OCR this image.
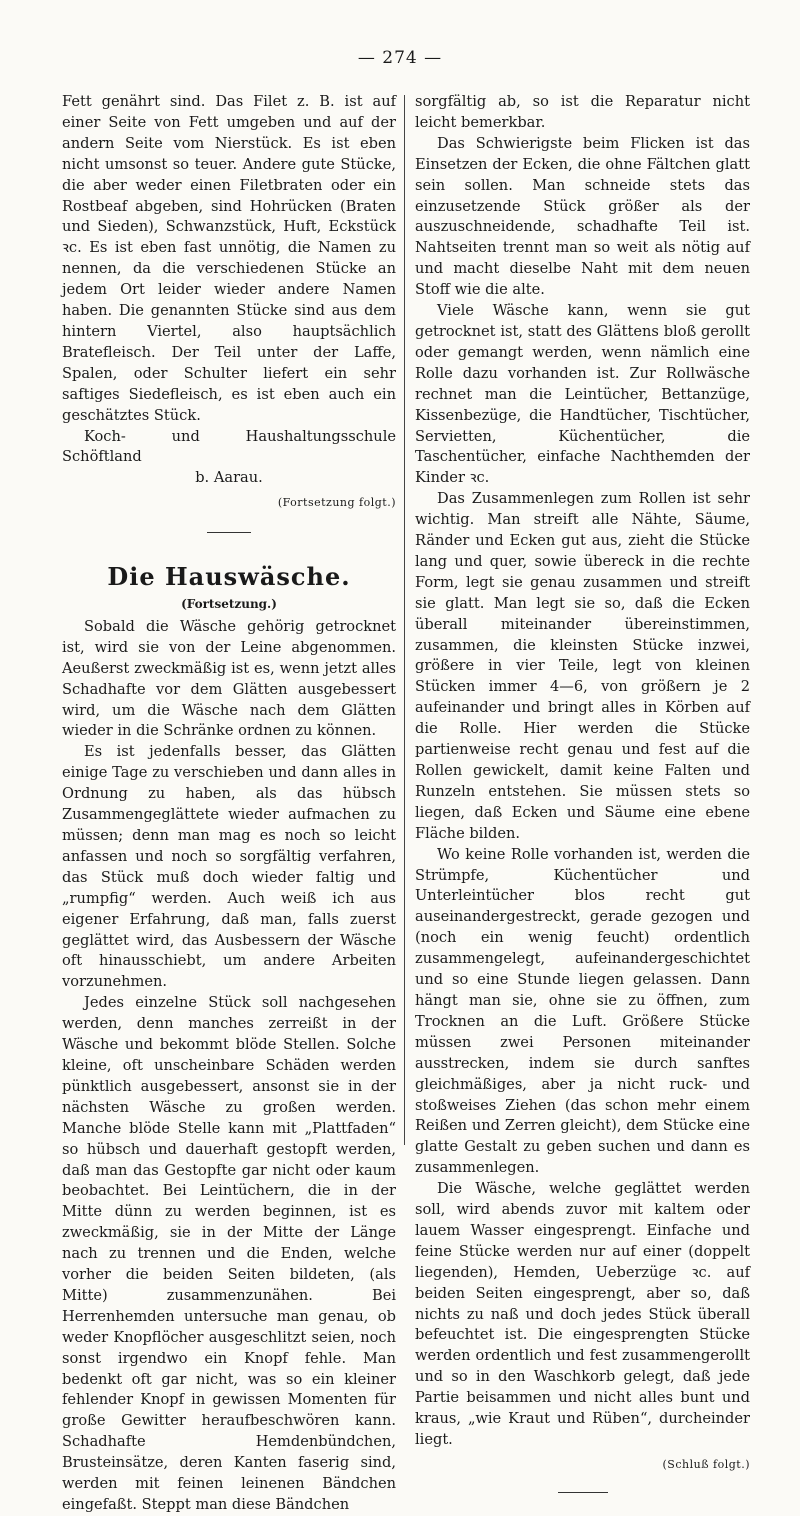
— 274 —

Fett genährt sind. Das Filet z. B. ist auf einer Seite von Fett umgeben und auf der andern Seite vom Nierstück. Es ist eben nicht umsonst so teuer. Andere gute Stücke, die aber weder einen Filetbraten oder ein Rostbeaf abgeben, sind Hohrücken (Braten und Sieden), Schwanzstück, Huft, Eckstück ꝛc. Es ist eben fast unnötig, die Namen zu nennen, da die verschiedenen Stücke an jedem Ort leider wieder andere Namen haben. Die genannten Stücke sind aus dem hintern Viertel, also hauptsächlich Bratefleisch. Der Teil unter der Laffe, Spalen, oder Schulter liefert ein sehr saftiges Siedefleisch, es ist eben auch ein geschätztes Stück.

Koch- und Haushaltungsschule Schöftland

b. Aarau.

(Fortsetzung folgt.)
Die Hauswäsche.
(Fortsetzung.)

Sobald die Wäsche gehörig getrocknet ist, wird sie von der Leine abgenommen. Aeußerst zweckmäßig ist es, wenn jetzt alles Schadhafte vor dem Glätten ausgebessert wird, um die Wäsche nach dem Glätten wieder in die Schränke ordnen zu können.

Es ist jedenfalls besser, das Glätten einige Tage zu verschieben und dann alles in Ordnung zu haben, als das hübsch Zusammengeglättete wieder aufmachen zu müssen; denn man mag es noch so leicht anfassen und noch so sorgfältig verfahren, das Stück muß doch wieder faltig und „rumpfig“ werden. Auch weiß ich aus eigener Erfahrung, daß man, falls zuerst geglättet wird, das Ausbessern der Wäsche oft hinausschiebt, um andere Arbeiten vorzunehmen.

Jedes einzelne Stück soll nachgesehen werden, denn manches zerreißt in der Wäsche und bekommt blöde Stellen. Solche kleine, oft unscheinbare Schäden werden pünktlich ausgebessert, ansonst sie in der nächsten Wäsche zu großen werden. Manche blöde Stelle kann mit „Plattfaden“ so hübsch und dauerhaft gestopft werden, daß man das Gestopfte gar nicht oder kaum beobachtet. Bei Leintüchern, die in der Mitte dünn zu werden beginnen, ist es zweckmäßig, sie in der Mitte der Länge nach zu trennen und die Enden, welche vorher die beiden Seiten bildeten, (als Mitte) zusammenzunähen. Bei Herrenhemden untersuche man genau, ob weder Knopflöcher ausgeschlitzt seien, noch sonst irgendwo ein Knopf fehle. Man bedenkt oft gar nicht, was so ein kleiner fehlender Knopf in gewissen Momenten für große Gewitter heraufbeschwören kann. Schadhafte Hemdenbündchen, Brusteinsätze, deren Kanten faserig sind, werden mit feinen leinenen Bändchen eingefaßt. Steppt man diese Bändchen

sorgfältig ab, so ist die Reparatur nicht leicht bemerkbar.

Das Schwierigste beim Flicken ist das Einsetzen der Ecken, die ohne Fältchen glatt sein sollen. Man schneide stets das einzusetzende Stück größer als der auszuschneidende, schadhafte Teil ist. Nahtseiten trennt man so weit als nötig auf und macht dieselbe Naht mit dem neuen Stoff wie die alte.

Viele Wäsche kann, wenn sie gut getrocknet ist, statt des Glättens bloß gerollt oder gemangt werden, wenn nämlich eine Rolle dazu vorhanden ist. Zur Rollwäsche rechnet man die Leintücher, Bettanzüge, Kissenbezüge, die Handtücher, Tischtücher, Servietten, Küchentücher, die Taschentücher, einfache Nachthemden der Kinder ꝛc.

Das Zusammenlegen zum Rollen ist sehr wichtig. Man streift alle Nähte, Säume, Ränder und Ecken gut aus, zieht die Stücke lang und quer, sowie übereck in die rechte Form, legt sie genau zusammen und streift sie glatt. Man legt sie so, daß die Ecken überall miteinander übereinstimmen, zusammen, die kleinsten Stücke inzwei, größere in vier Teile, legt von kleinen Stücken immer 4—6, von größern je 2 aufeinander und bringt alles in Körben auf die Rolle. Hier werden die Stücke partienweise recht genau und fest auf die Rollen gewickelt, damit keine Falten und Runzeln entstehen. Sie müssen stets so liegen, daß Ecken und Säume eine ebene Fläche bilden.

Wo keine Rolle vorhanden ist, werden die Strümpfe, Küchentücher und Unterleintücher blos recht gut auseinandergestreckt, gerade gezogen und (noch ein wenig feucht) ordentlich zusammengelegt, aufeinandergeschichtet und so eine Stunde liegen gelassen. Dann hängt man sie, ohne sie zu öffnen, zum Trocknen an die Luft. Größere Stücke müssen zwei Personen miteinander ausstrecken, indem sie durch sanftes gleichmäßiges, aber ja nicht ruck- und stoßweises Ziehen (das schon mehr einem Reißen und Zerren gleicht), dem Stücke eine glatte Gestalt zu geben suchen und dann es zusammenlegen.

Die Wäsche, welche geglättet werden soll, wird abends zuvor mit kaltem oder lauem Wasser eingesprengt. Einfache und feine Stücke werden nur auf einer (doppelt liegenden), Hemden, Ueberzüge ꝛc. auf beiden Seiten eingesprengt, aber so, daß nichts zu naß und doch jedes Stück überall befeuchtet ist. Die eingesprengten Stücke werden ordentlich und fest zusammengerollt und so in den Waschkorb gelegt, daß jede Partie beisammen und nicht alles bunt und kraus, „wie Kraut und Rüben“, durcheinder liegt.

(Schluß folgt.)
